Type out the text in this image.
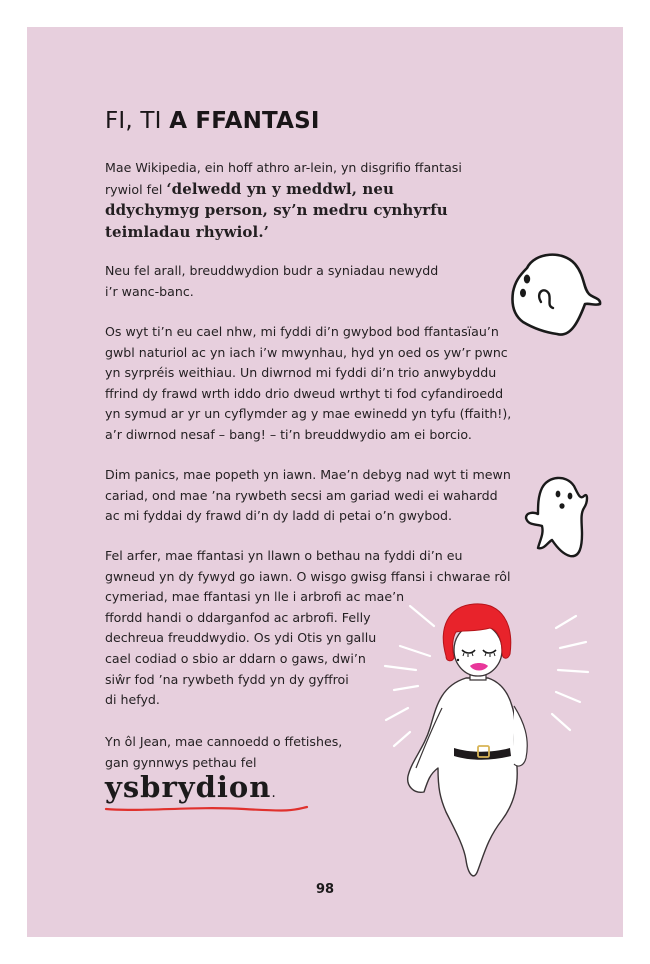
FI, TI A FFANTASI

Mae Wikipedia, ein hoff athro ar-lein, yn disgrifio ffantasi
rywiol fel ‘delwedd yn y meddwl, neu
ddychymyg person, sy’n medru cynhyrfu
teimladau rhywiol.’

Neu fel arall, breuddwydion budr a syniadau newydd
i’r wanc-banc.

Os wyt ti’n eu cael nhw, mi fyddi di’n gwybod bod ffantasïau’n
gwbl naturiol ac yn iach i’w mwynhau, hyd yn oed os yw’r pwnc
yn syrpréis weithiau. Un diwrnod mi fyddi di’n trio anwybyddu
ffrind dy frawd wrth iddo drio dweud wrthyt ti fod cyfandiroedd
yn symud ar yr un cyflymder ag y mae ewinedd yn tyfu (ffaith!),
a’r diwrnod nesaf – bang! – ti’n breuddwydio am ei borcio.

Dim panics, mae popeth yn iawn. Mae’n debyg nad wyt ti mewn
cariad, ond mae ’na rywbeth secsi am gariad wedi ei wahardd
ac mi fyddai dy frawd di’n dy ladd di petai o’n gwybod.

Fel arfer, mae ffantasi yn llawn o bethau na fyddi di’n eu
gwneud yn dy fywyd go iawn. O wisgo gwisg ffansi i chwarae rôl
cymeriad, mae ffantasi yn lle i arbrofi ac mae’n
ffordd handi o ddarganfod ac arbrofi. Felly
dechreua freuddwydio. Os ydi Otis yn gallu
cael codiad o sbio ar ddarn o gaws, dwi’n
siŵr fod ’na rywbeth fydd yn dy gyffroi
di hefyd.

Yn ôl Jean, mae cannoedd o ffetishes,
gan gynnwys pethau fel

ysbrydion.
98
